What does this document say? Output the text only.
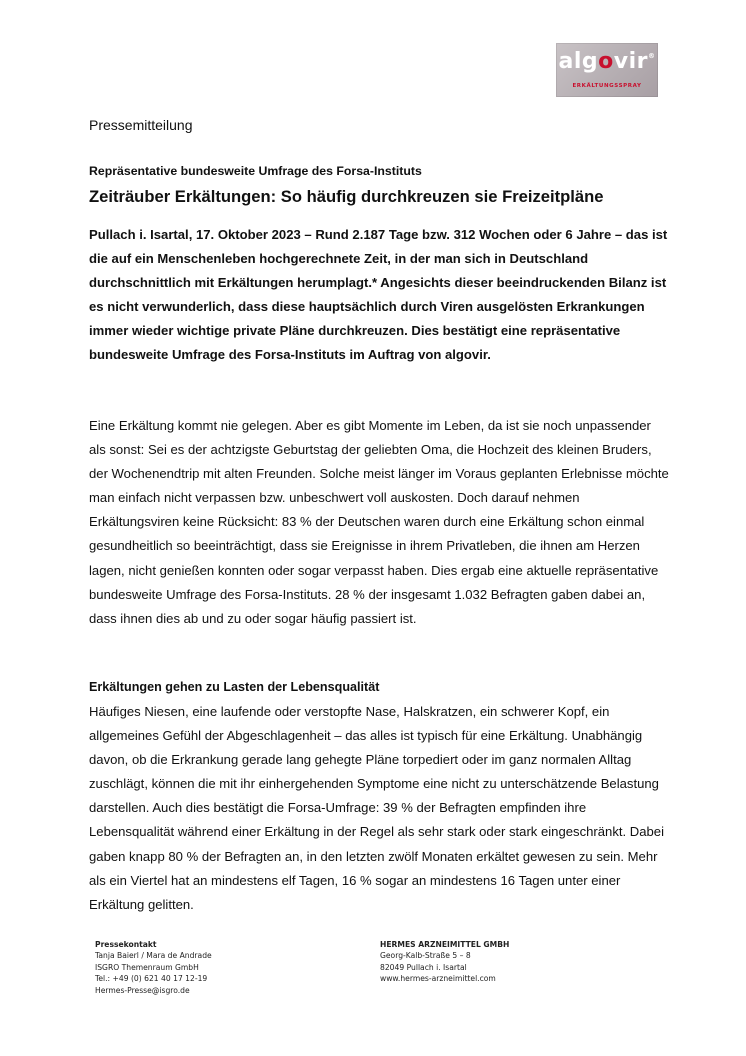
algovir®
ERKÄLTUNGSSPRAY
Pressemitteilung
Repräsentative bundesweite Umfrage des Forsa-Instituts
Zeiträuber Erkältungen: So häufig durchkreuzen sie Freizeitpläne

Pullach i. Isartal, 17. Oktober 2023 – Rund 2.187 Tage bzw. 312 Wochen oder 6 Jahre – das ist die auf ein Menschenleben hochgerechnete Zeit, in der man sich in Deutschland durchschnittlich mit Erkältungen herumplagt.* Angesichts dieser beeindruckenden Bilanz ist es nicht verwunderlich, dass diese hauptsächlich durch Viren ausgelösten Erkrankungen immer wieder wichtige private Pläne durchkreuzen. Dies bestätigt eine repräsentative bundesweite Umfrage des Forsa-Instituts im Auftrag von algovir.

Eine Erkältung kommt nie gelegen. Aber es gibt Momente im Leben, da ist sie noch unpassender als sonst: Sei es der achtzigste Geburtstag der geliebten Oma, die Hochzeit des kleinen Bruders, der Wochenendtrip mit alten Freunden. Solche meist länger im Voraus geplanten Erlebnisse möchte man einfach nicht verpassen bzw. unbeschwert voll auskosten. Doch darauf nehmen Erkältungsviren keine Rücksicht: 83 % der Deutschen waren durch eine Erkältung schon einmal gesundheitlich so beeinträchtigt, dass sie Ereignisse in ihrem Privatleben, die ihnen am Herzen lagen, nicht genießen konnten oder sogar verpasst haben. Dies ergab eine aktuelle repräsentative bundesweite Umfrage des Forsa-Instituts. 28 % der insgesamt 1.032 Befragten gaben dabei an, dass ihnen dies ab und zu oder sogar häufig passiert ist.

Erkältungen gehen zu Lasten der Lebensqualität

Häufiges Niesen, eine laufende oder verstopfte Nase, Halskratzen, ein schwerer Kopf, ein allgemeines Gefühl der Abgeschlagenheit – das alles ist typisch für eine Erkältung. Unabhängig davon, ob die Erkrankung gerade lang gehegte Pläne torpediert oder im ganz normalen Alltag zuschlägt, können die mit ihr einhergehenden Symptome eine nicht zu unterschätzende Belastung darstellen. Auch dies bestätigt die Forsa-Umfrage: 39 % der Befragten empfinden ihre Lebensqualität während einer Erkältung in der Regel als sehr stark oder stark eingeschränkt. Dabei gaben knapp 80 % der Befragten an, in den letzten zwölf Monaten erkältet gewesen zu sein. Mehr als ein Viertel hat an mindestens elf Tagen, 16 % sogar an mindestens 16 Tagen unter einer Erkältung gelitten.

Pressekontakt
Tanja Baierl / Mara de Andrade
ISGRO Themenraum GmbH
Tel.: +49 (0) 621 40 17 12-19
Hermes-Presse@isgro.de
HERMES ARZNEIMITTEL GMBH
Georg-Kalb-Straße 5 – 8
82049 Pullach i. Isartal
www.hermes-arzneimittel.com
